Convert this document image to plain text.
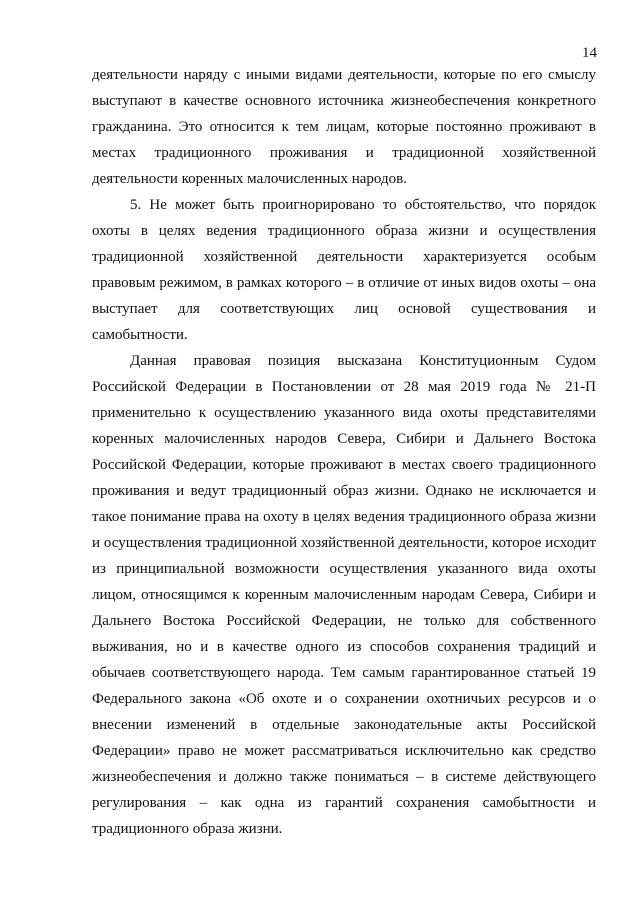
14

деятельности наряду с иными видами деятельности, которые по его смыслу выступают в качестве основного источника жизнеобеспечения конкретного гражданина. Это относится к тем лицам, которые постоянно проживают в местах традиционного проживания и традиционной хозяйственной деятельности коренных малочисленных народов.

5. Не может быть проигнорировано то обстоятельство, что порядок охоты в целях ведения традиционного образа жизни и осуществления традиционной хозяйственной деятельности характеризуется особым правовым режимом, в рамках которого – в отличие от иных видов охоты – она выступает для соответствующих лиц основой существования и самобытности.

Данная правовая позиция высказана Конституционным Судом Российской Федерации в Постановлении от 28 мая 2019 года № 21-П применительно к осуществлению указанного вида охоты представителями коренных малочисленных народов Севера, Сибири и Дальнего Востока Российской Федерации, которые проживают в местах своего традиционного проживания и ведут традиционный образ жизни. Однако не исключается и такое понимание права на охоту в целях ведения традиционного образа жизни и осуществления традиционной хозяйственной деятельности, которое исходит из принципиальной возможности осуществления указанного вида охоты лицом, относящимся к коренным малочисленным народам Севера, Сибири и Дальнего Востока Российской Федерации, не только для собственного выживания, но и в качестве одного из способов сохранения традиций и обычаев соответствующего народа. Тем самым гарантированное статьей 19 Федерального закона «Об охоте и о сохранении охотничьих ресурсов и о внесении изменений в отдельные законодательные акты Российской Федерации» право не может рассматриваться исключительно как средство жизнеобеспечения и должно также пониматься – в системе действующего регулирования – как одна из гарантий сохранения самобытности и традиционного образа жизни.
